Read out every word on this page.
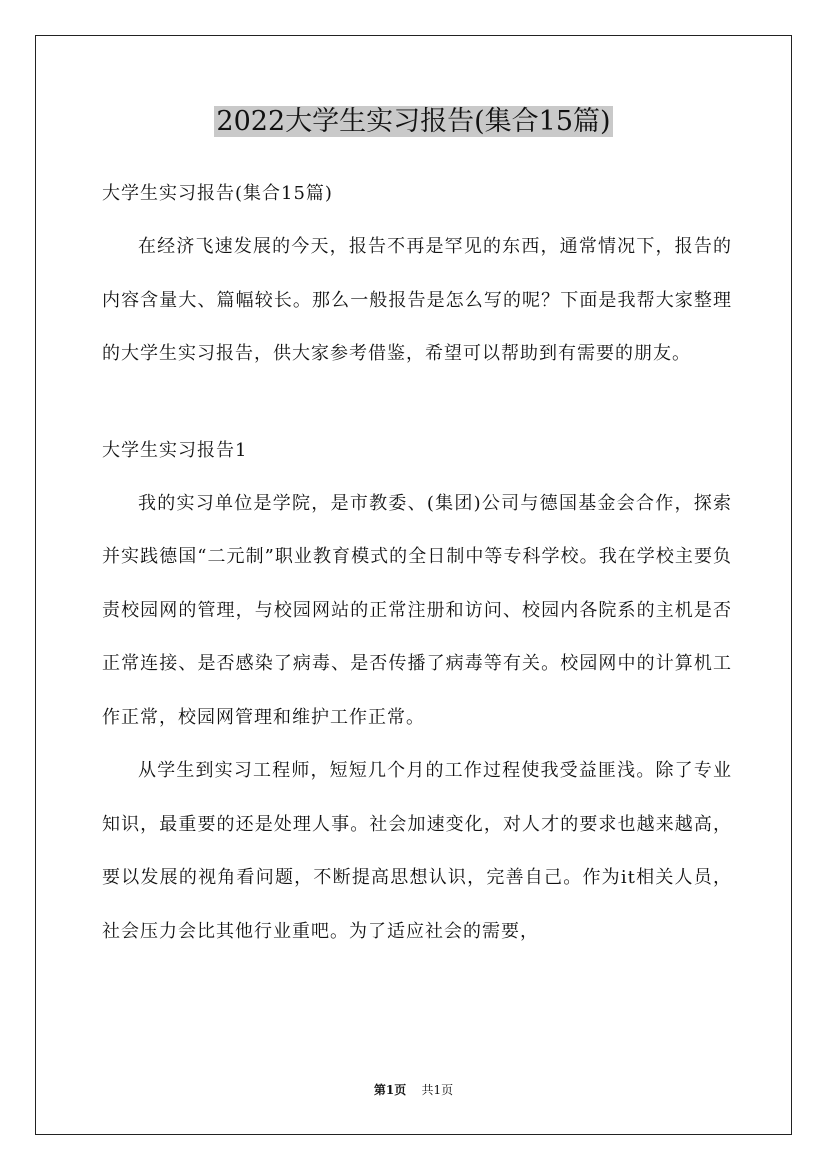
2022大学生实习报告(集合15篇)

大学生实习报告(集合15篇)

在经济飞速发展的今天，报告不再是罕见的东西，通常情况下，报告的内容含量大、篇幅较长。那么一般报告是怎么写的呢？下面是我帮大家整理的大学生实习报告，供大家参考借鉴，希望可以帮助到有需要的朋友。

大学生实习报告1

我的实习单位是学院，是市教委、(集团)公司与德国基金会合作，探索并实践德国“二元制”职业教育模式的全日制中等专科学校。我在学校主要负责校园网的管理，与校园网站的正常注册和访问、校园内各院系的主机是否正常连接、是否感染了病毒、是否传播了病毒等有关。校园网中的计算机工作正常，校园网管理和维护工作正常。

从学生到实习工程师，短短几个月的工作过程使我受益匪浅。除了专业知识，最重要的还是处理人事。社会加速变化，对人才的要求也越来越高，要以发展的视角看问题，不断提高思想认识，完善自己。作为it相关人员，社会压力会比其他行业重吧。为了适应社会的需要，

第1页 共1页
